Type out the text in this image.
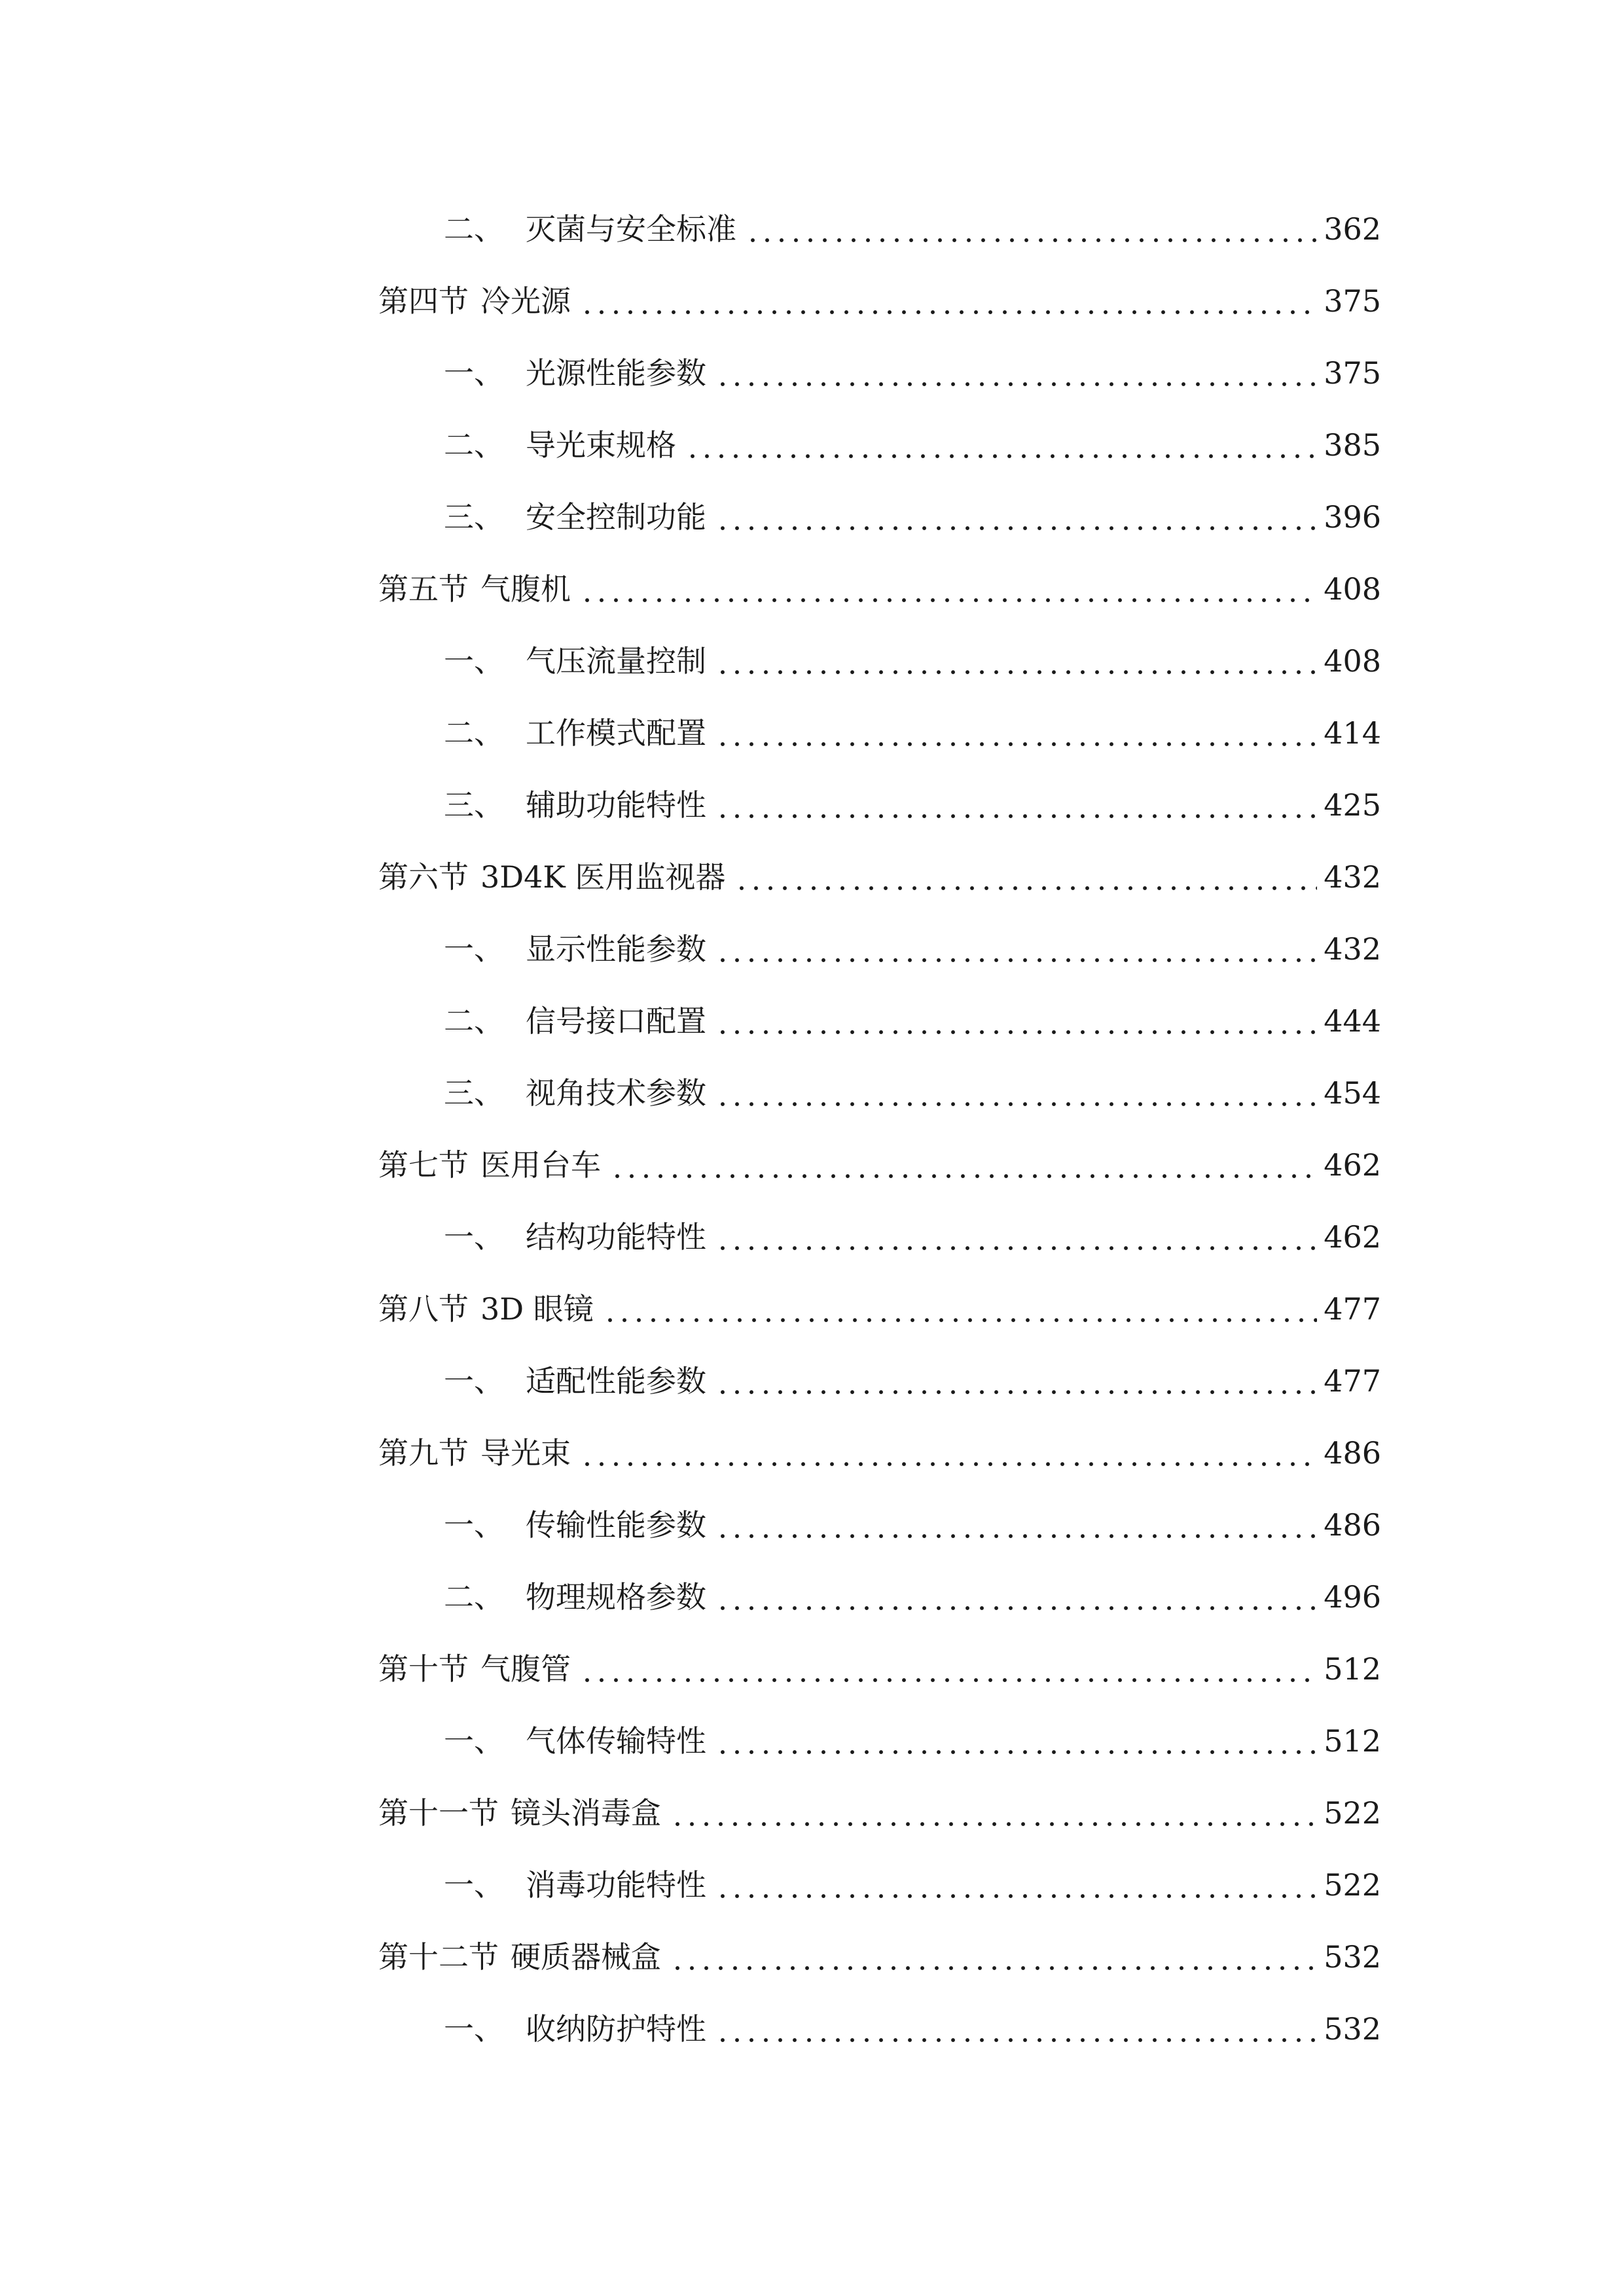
二、 灭菌与安全标准	362
第四节 冷光源	375
一、 光源性能参数	375
二、 导光束规格	385
三、 安全控制功能	396
第五节 气腹机	408
一、 气压流量控制	408
二、 工作模式配置	414
三、 辅助功能特性	425
第六节 3D4K 医用监视器	432
一、 显示性能参数	432
二、 信号接口配置	444
三、 视角技术参数	454
第七节 医用台车	462
一、 结构功能特性	462
第八节 3D 眼镜	477
一、 适配性能参数	477
第九节 导光束	486
一、 传输性能参数	486
二、 物理规格参数	496
第十节 气腹管	512
一、 气体传输特性	512
第十一节 镜头消毒盒	522
一、 消毒功能特性	522
第十二节 硬质器械盒	532
一、 收纳防护特性	532
